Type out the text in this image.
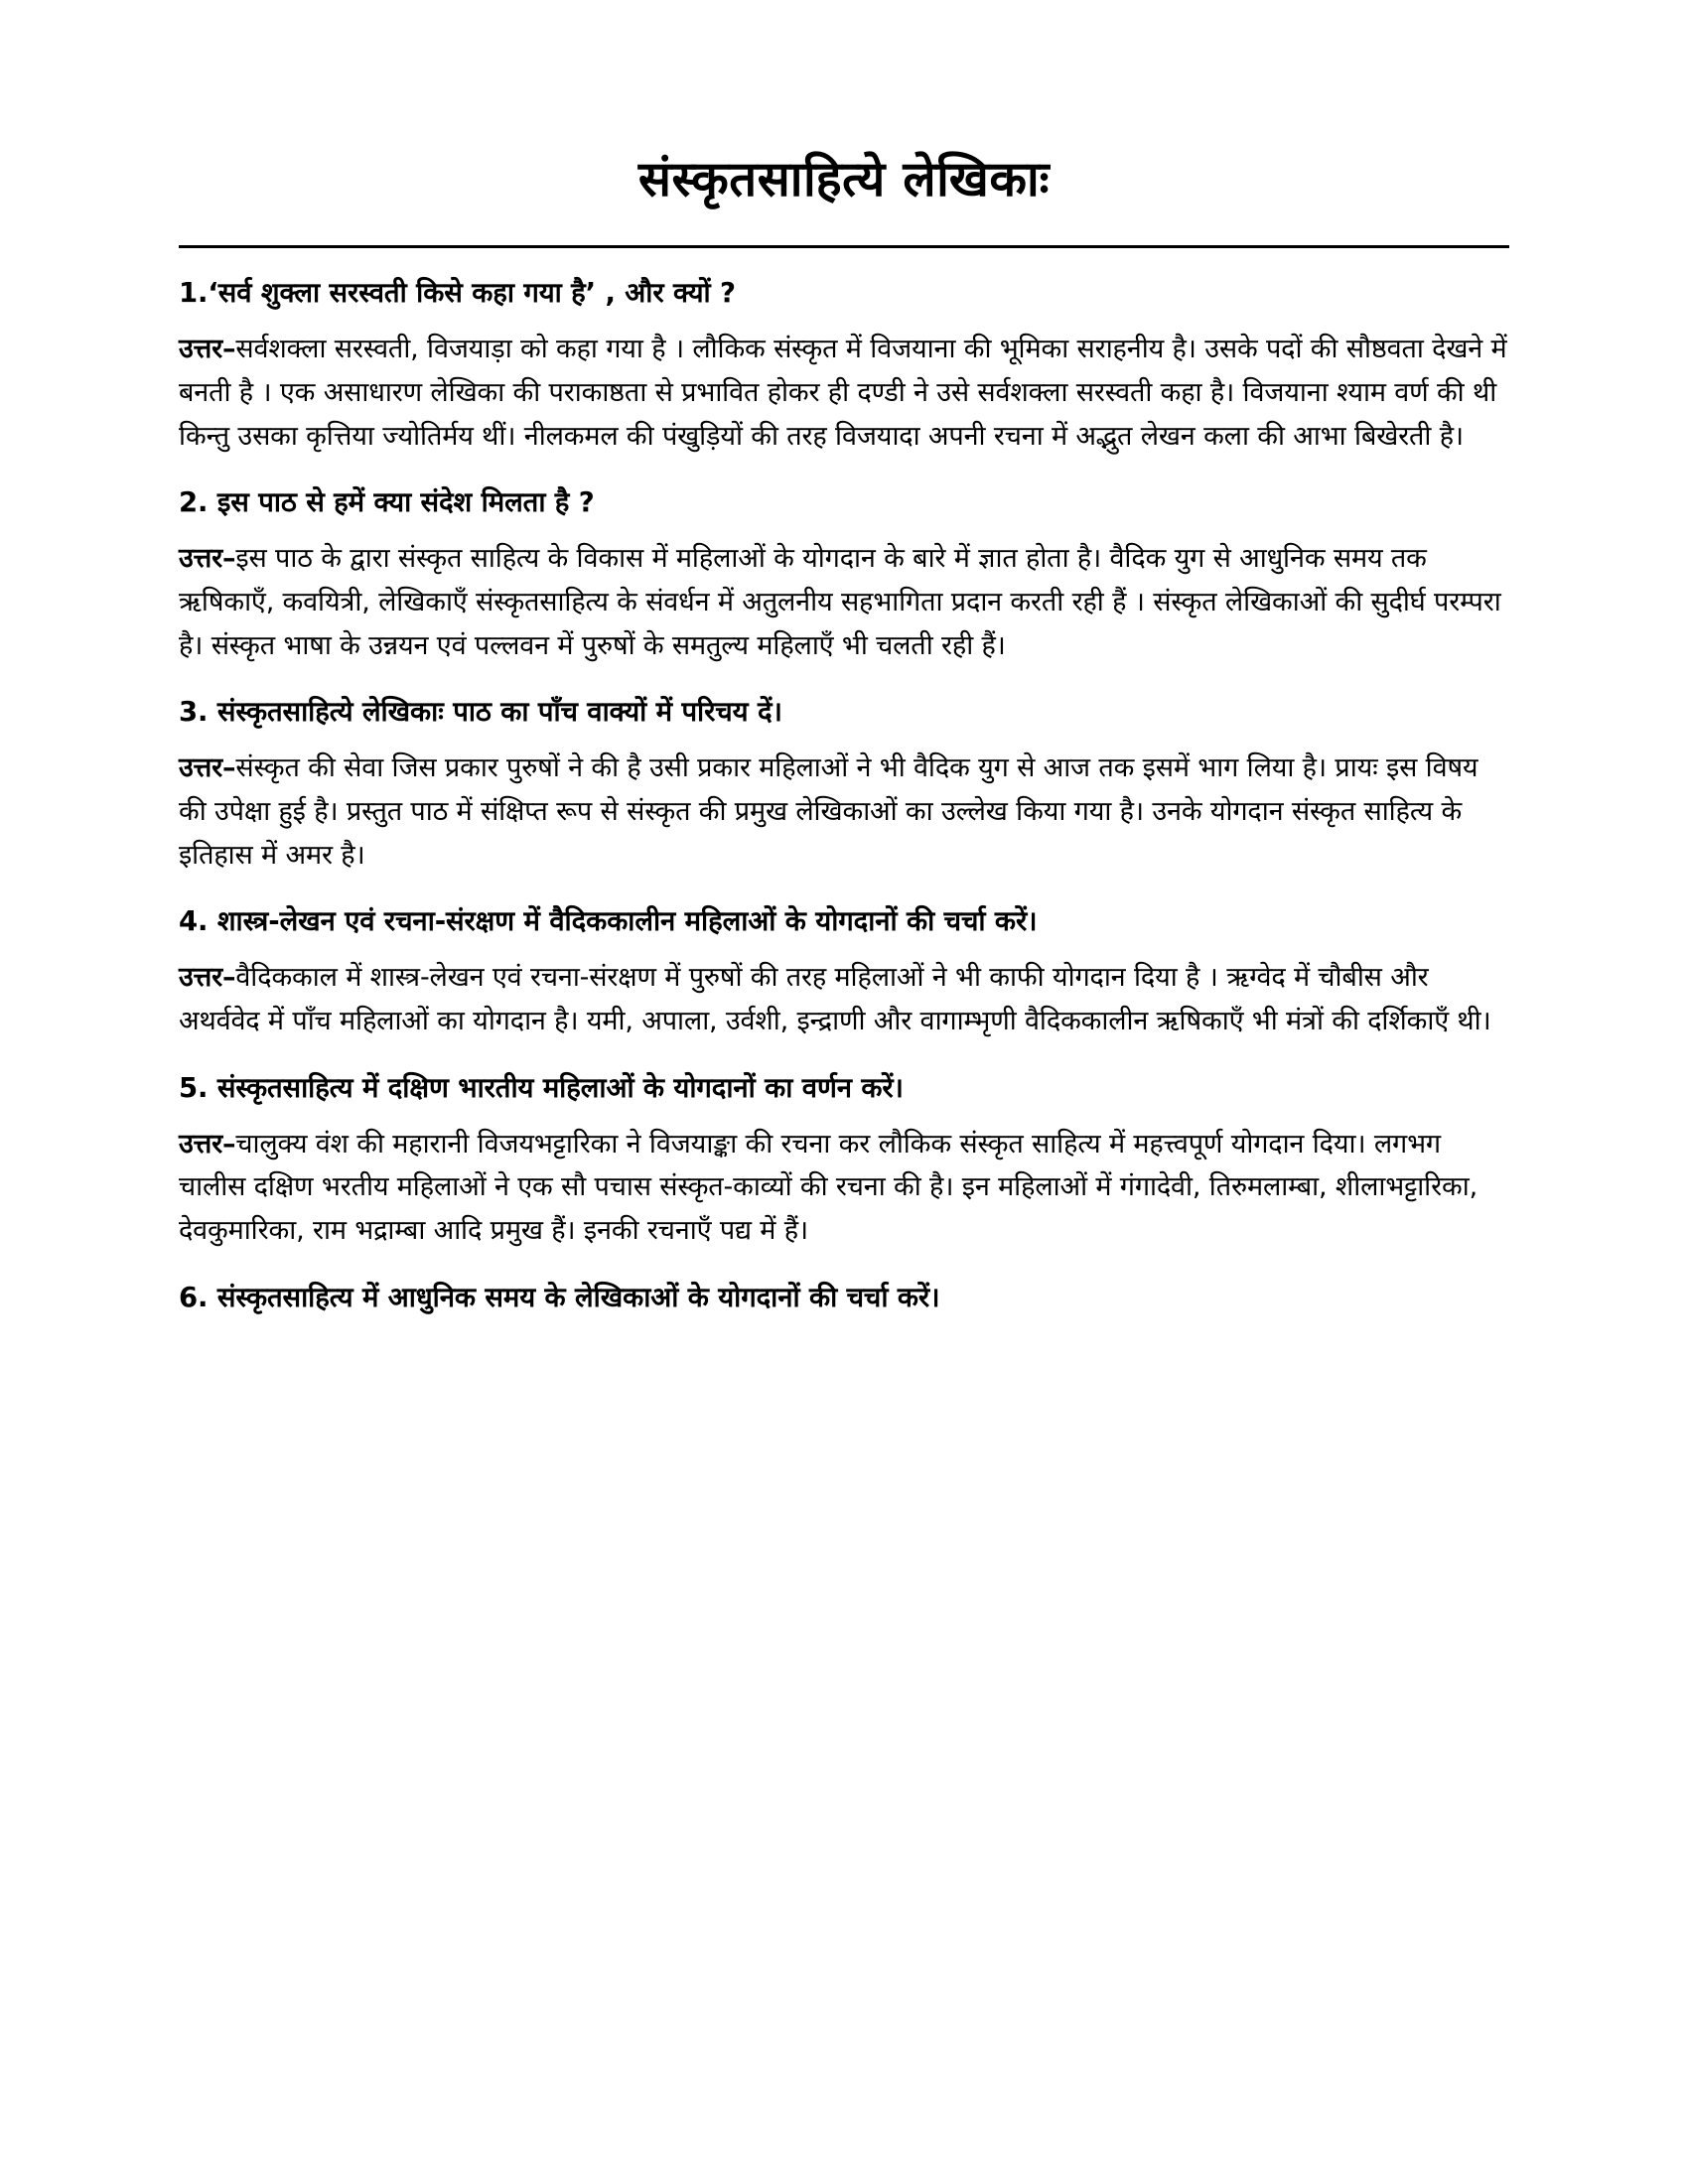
संस्कृतसाहित्ये लेखिकाः

1.‘सर्व शुक्ला सरस्वती किसे कहा गया है’ , और क्यों ?

उत्तर–सर्वशक्ला सरस्वती, विजयाड़ा को कहा गया है । लौकिक संस्कृत में विजयाना की भूमिका सराहनीय है। उसके पदों की सौष्ठवता देखने में बनती है । एक असाधारण लेखिका की पराकाष्ठता से प्रभावित होकर ही दण्डी ने उसे सर्वशक्ला सरस्वती कहा है। विजयाना श्याम वर्ण की थी किन्तु उसका कृत्तिया ज्योतिर्मय थीं। नीलकमल की पंखुड़ियों की तरह विजयादा अपनी रचना में अद्भुत लेखन कला की आभा बिखेरती है।

2. इस पाठ से हमें क्या संदेश मिलता है ?

उत्तर–इस पाठ के द्वारा संस्कृत साहित्य के विकास में महिलाओं के योगदान के बारे में ज्ञात होता है। वैदिक युग से आधुनिक समय तक ऋषिकाएँ, कवयित्री, लेखिकाएँ संस्कृतसाहित्य के संवर्धन में अतुलनीय सहभागिता प्रदान करती रही हैं । संस्कृत लेखिकाओं की सुदीर्घ परम्परा है। संस्कृत भाषा के उन्नयन एवं पल्लवन में पुरुषों के समतुल्य महिलाएँ भी चलती रही हैं।

3. संस्कृतसाहित्ये लेखिकाः पाठ का पाँच वाक्यों में परिचय दें।

उत्तर–संस्कृत की सेवा जिस प्रकार पुरुषों ने की है उसी प्रकार महिलाओं ने भी वैदिक युग से आज तक इसमें भाग लिया है। प्रायः इस विषय की उपेक्षा हुई है। प्रस्तुत पाठ में संक्षिप्त रूप से संस्कृत की प्रमुख लेखिकाओं का उल्लेख किया गया है। उनके योगदान संस्कृत साहित्य के इतिहास में अमर है।

4. शास्त्र-लेखन एवं रचना-संरक्षण में वैदिककालीन महिलाओं के योगदानों की चर्चा करें।

उत्तर–वैदिककाल में शास्त्र-लेखन एवं रचना-संरक्षण में पुरुषों की तरह महिलाओं ने भी काफी योगदान दिया है । ऋग्वेद में चौबीस और अथर्ववेद में पाँच महिलाओं का योगदान है। यमी, अपाला, उर्वशी, इन्द्राणी और वागाम्भृणी वैदिककालीन ऋषिकाएँ भी मंत्रों की दर्शिकाएँ थी।

5. संस्कृतसाहित्य में दक्षिण भारतीय महिलाओं के योगदानों का वर्णन करें।

उत्तर–चालुक्य वंश की महारानी विजयभट्टारिका ने विजयाङ्का की रचना कर लौकिक संस्कृत साहित्य में महत्त्वपूर्ण योगदान दिया। लगभग चालीस दक्षिण भरतीय महिलाओं ने एक सौ पचास संस्कृत-काव्यों की रचना की है। इन महिलाओं में गंगादेवी, तिरुमलाम्बा, शीलाभट्टारिका, देवकुमारिका, राम भद्राम्बा आदि प्रमुख हैं। इनकी रचनाएँ पद्य में हैं।

6. संस्कृतसाहित्य में आधुनिक समय के लेखिकाओं के योगदानों की चर्चा करें।
